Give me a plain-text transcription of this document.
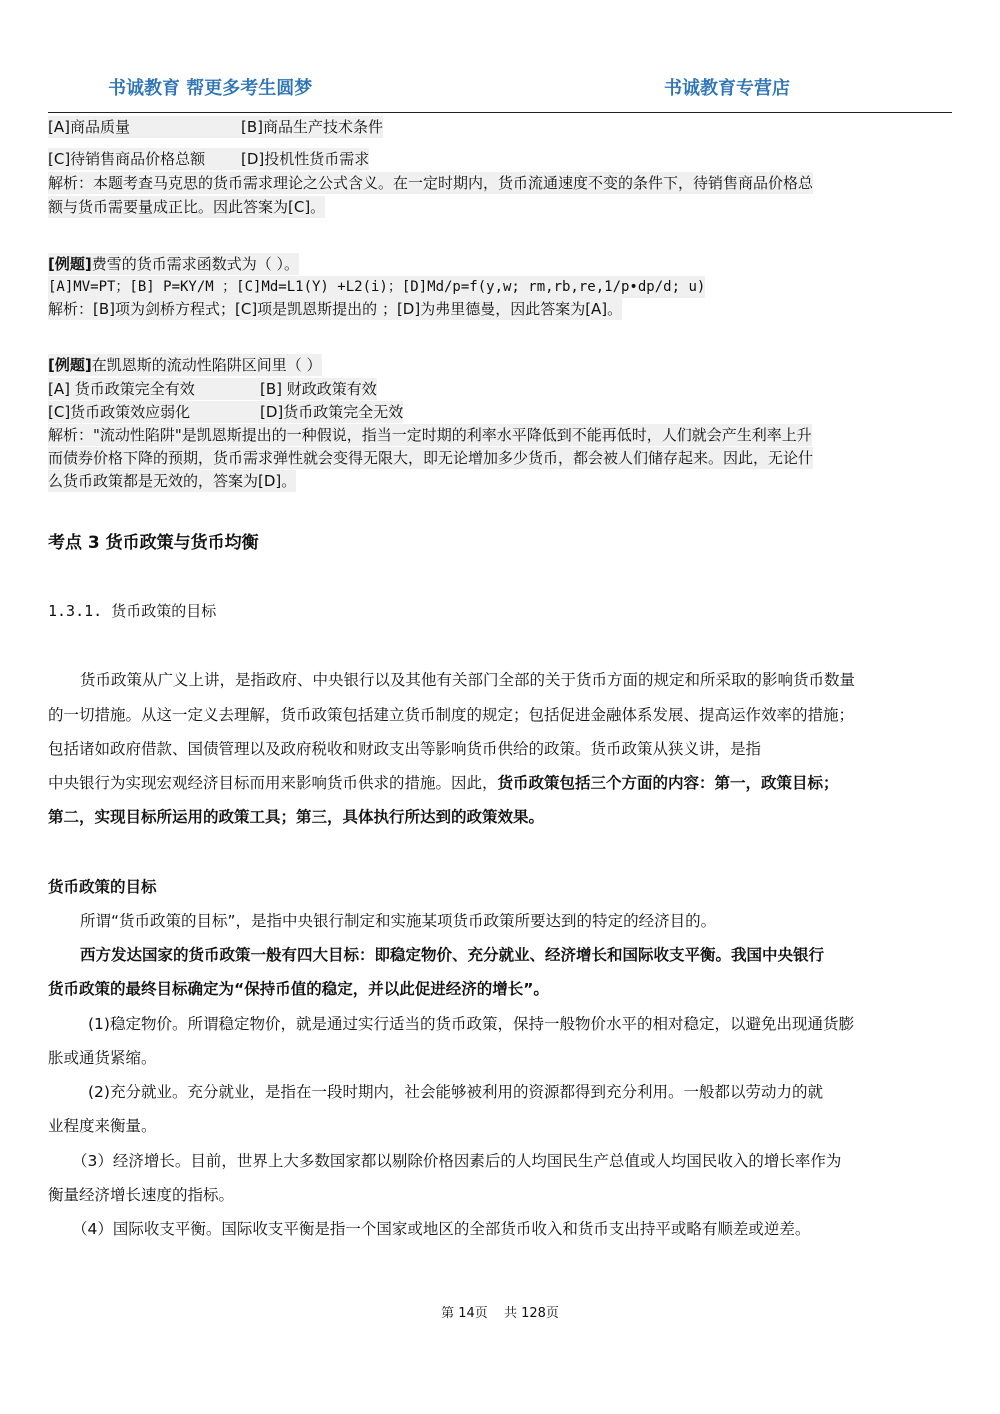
书诚教育 帮更多考生圆梦	书诚教育专营店
[A]商品质量	[B]商品生产技术条件
[C]待销售商品价格总额 [D]投机性货币需求
解析：本题考查马克思的货币需求理论之公式含义。在一定时期内，货币流通速度不变的条件下，待销售商品价格总
额与货币需要量成正比。因此答案为[C]。
[例题]费雪的货币需求函数式为（ ）。
[A]MV=PT；[B] P=KY/M ；[C]Md=L1(Y) +L2(i)；[D]Md/p=f(y,w; rm,rb,re,1/p•dp/d; u)
解析：[B]项为剑桥方程式；[C]项是凯恩斯提出的 ；[D]为弗里德曼，因此答案为[A]。
[例题]在凯恩斯的流动性陷阱区间里（ ）
[A] 货币政策完全有效	[B] 财政政策有效
[C]货币政策效应弱化	[D]货币政策完全无效
解析："流动性陷阱"是凯恩斯提出的一种假说，指当一定时期的利率水平降低到不能再低时，人们就会产生利率上升
而债券价格下降的预期，货币需求弹性就会变得无限大，即无论增加多少货币，都会被人们储存起来。因此，无论什
么货币政策都是无效的，答案为[D]。
考点 3 货币政策与货币均衡
1.3.1. 货币政策的目标
货币政策从广义上讲，是指政府、中央银行以及其他有关部门全部的关于货币方面的规定和所采取的影响货币数量
的一切措施。从这一定义去理解，货币政策包括建立货币制度的规定；包括促进金融体系发展、提高运作效率的措施；
包括诸如政府借款、国债管理以及政府税收和财政支出等影响货币供给的政策。货币政策从狭义讲，是指
中央银行为实现宏观经济目标而用来影响货币供求的措施。因此，货币政策包括三个方面的内容：第一，政策目标；
第二，实现目标所运用的政策工具；第三，具体执行所达到的政策效果。
货币政策的目标
所谓“货币政策的目标”，是指中央银行制定和实施某项货币政策所要达到的特定的经济目的。
西方发达国家的货币政策一般有四大目标：即稳定物价、充分就业、经济增长和国际收支平衡。我国中央银行
货币政策的最终目标确定为“保持币值的稳定，并以此促进经济的增长”。
(1)稳定物价。所谓稳定物价，就是通过实行适当的货币政策，保持一般物价水平的相对稳定，以避免出现通货膨
胀或通货紧缩。
(2)充分就业。充分就业，是指在一段时期内，社会能够被利用的资源都得到充分利用。一般都以劳动力的就
业程度来衡量。
（3）经济增长。目前，世界上大多数国家都以剔除价格因素后的人均国民生产总值或人均国民收入的增长率作为
衡量经济增长速度的指标。
（4）国际收支平衡。国际收支平衡是指一个国家或地区的全部货币收入和货币支出持平或略有顺差或逆差。
第 14页 共 128页
